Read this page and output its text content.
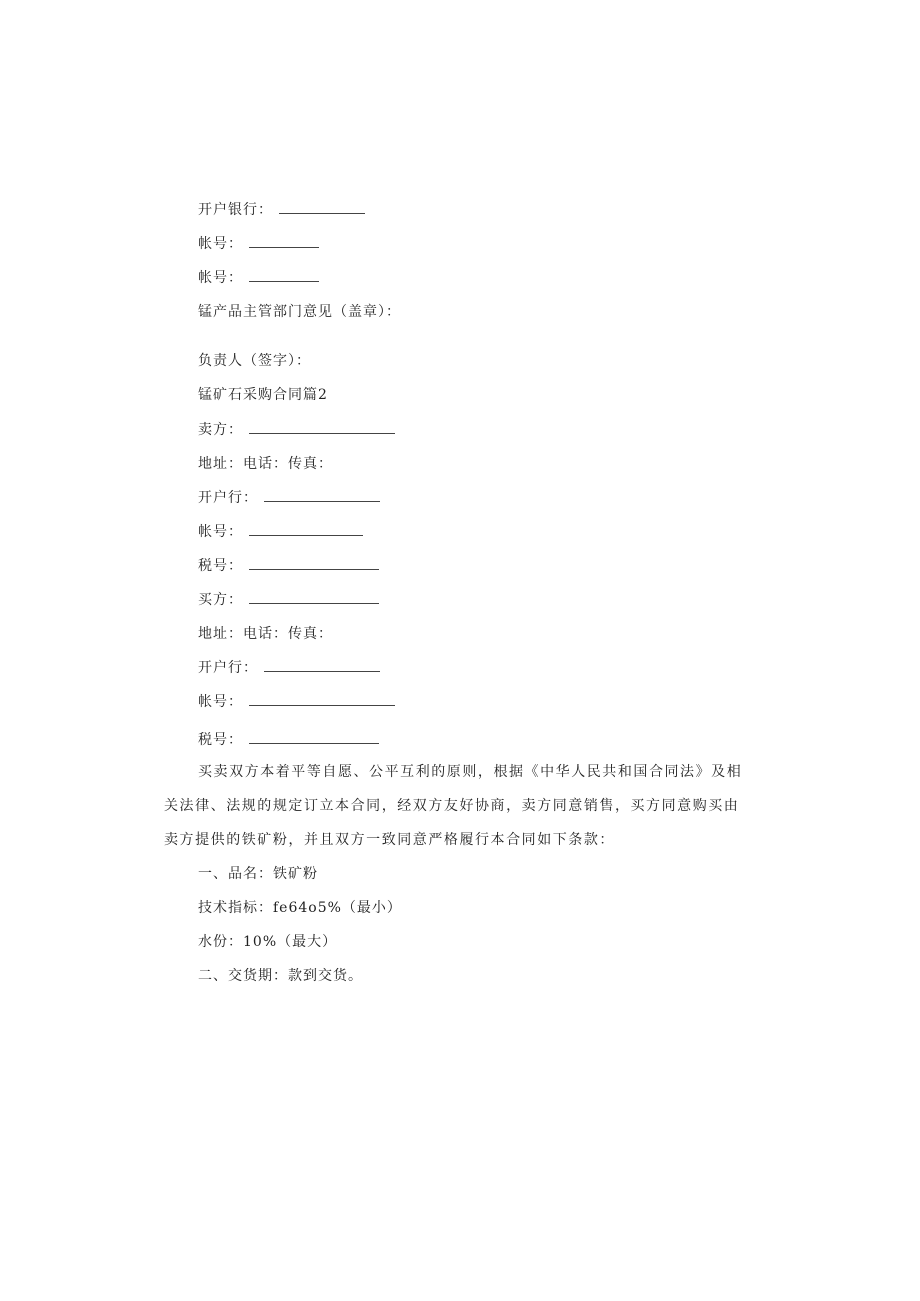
开户银行：
帐号：
帐号：
锰产品主管部门意见（盖章）：
负责人（签字）：
锰矿石采购合同篇2
卖方：
地址：电话：传真：
开户行：
帐号：
税号：
买方：
地址：电话：传真：
开户行：
帐号：
税号：
买卖双方本着平等自愿、公平互利的原则，根据《中华人民共和国合同法》及相
关法律、法规的规定订立本合同，经双方友好协商，卖方同意销售，买方同意购买由
卖方提供的铁矿粉，并且双方一致同意严格履行本合同如下条款：
一、品名：铁矿粉
技术指标：fe64o5%（最小）
水份：10%（最大）
二、交货期：款到交货。
